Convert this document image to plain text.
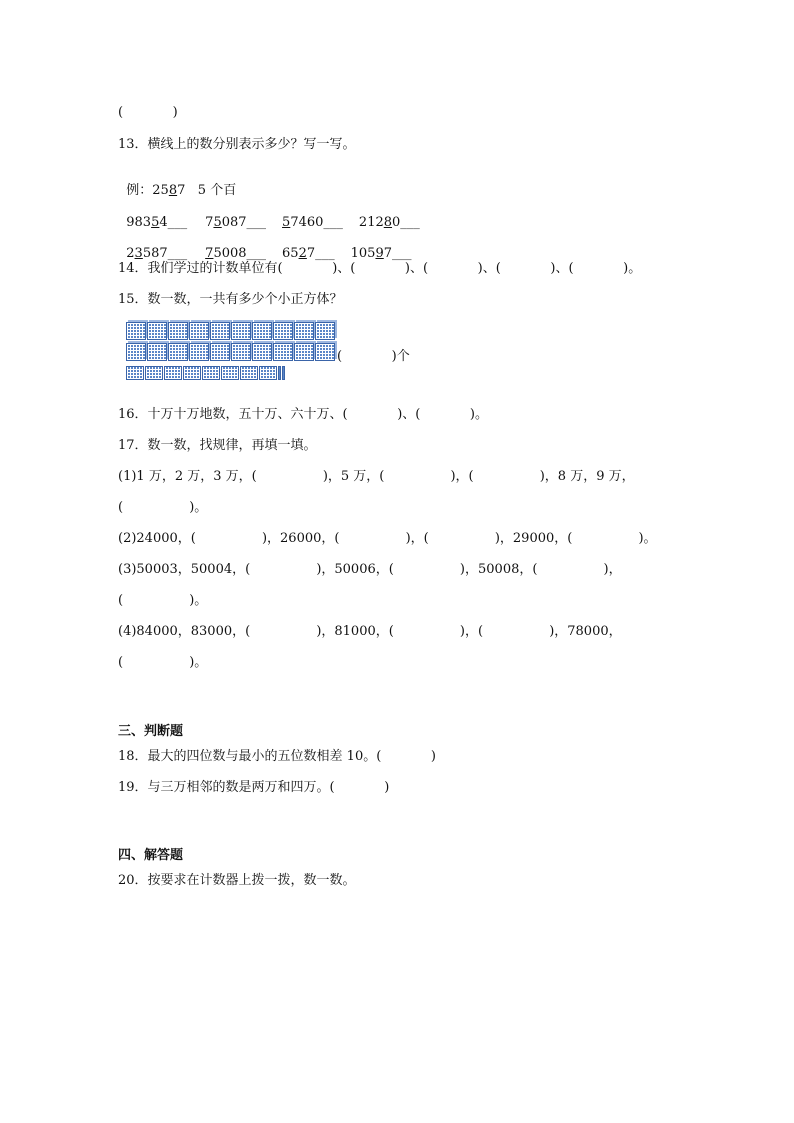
(            )
13．横线上的数分别表示多少？写一写。

例：2587   5 个百

98354___ 75087___ 57460___ 21280___

23587___ 75008___ 6527___ 10597___

14．我们学过的计数单位有(            )、(            )、(            )、(            )、(            )。
15．数一数，一共有多少个小正方体？
(            )个
16．十万十万地数，五十万、六十万、(            )、(            )。
17．数一数，找规律，再填一填。
(1)1 万，2 万，3 万，(                )，5 万，(                )，(                )，8 万，9 万，
(                )。
(2)24000，(                )，26000，(                )，(                )，29000，(                )。
(3)50003，50004，(                )，50006，(                )，50008，(                )，
(                )。
(4)84000，83000，(                )，81000，(                )，(                )，78000，
(                )。
三、判断题
18．最大的四位数与最小的五位数相差 10。(            )
19．与三万相邻的数是两万和四万。(            )
四、解答题
20．按要求在计数器上拨一拨，数一数。
